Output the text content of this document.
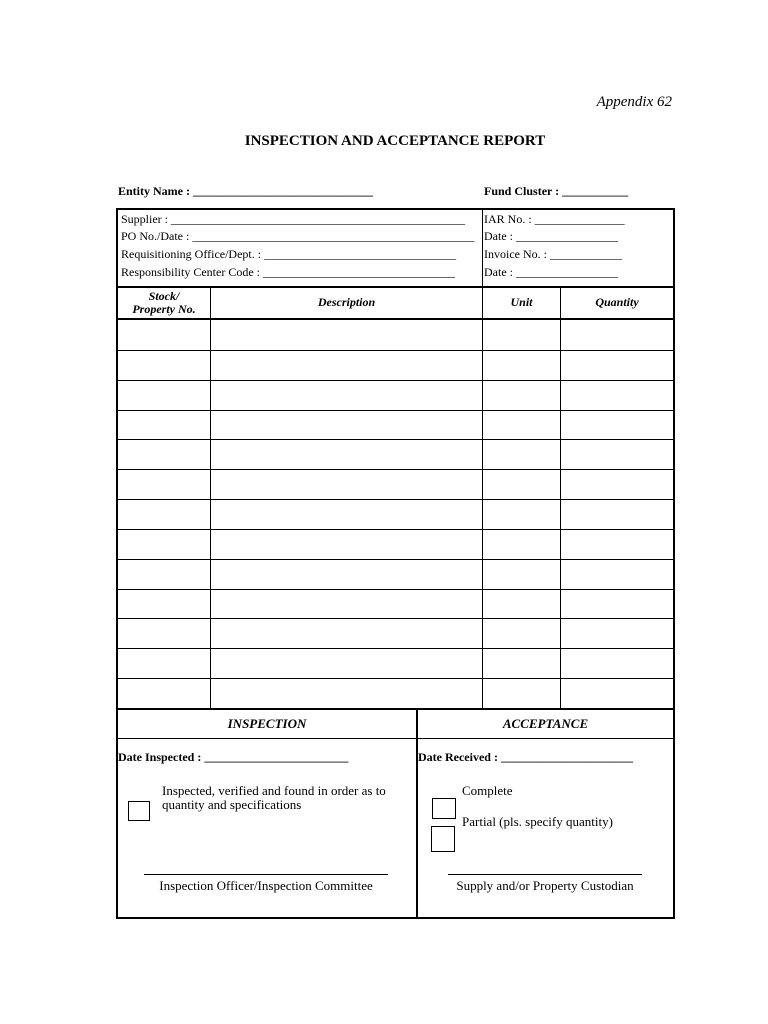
Appendix 62
INSPECTION AND ACCEPTANCE REPORT
Entity Name : ______________________________	Fund Cluster : ___________
Supplier : _________________________________________________
PO No./Date : _______________________________________________
Requisitioning Office/Dept. : ________________________________
Responsibility Center Code : ________________________________
IAR No. : _______________
Date : _________________
Invoice No. : ____________
Date : _________________
Stock/
Property No.	Description	Unit	Quantity
INSPECTION	ACCEPTANCE
Date Inspected : ________________________	Date Received : ______________________
Inspected, verified and found in order as to quantity and specifications
Complete
Partial (pls. specify quantity)
Inspection Officer/Inspection Committee	Supply and/or Property Custodian
